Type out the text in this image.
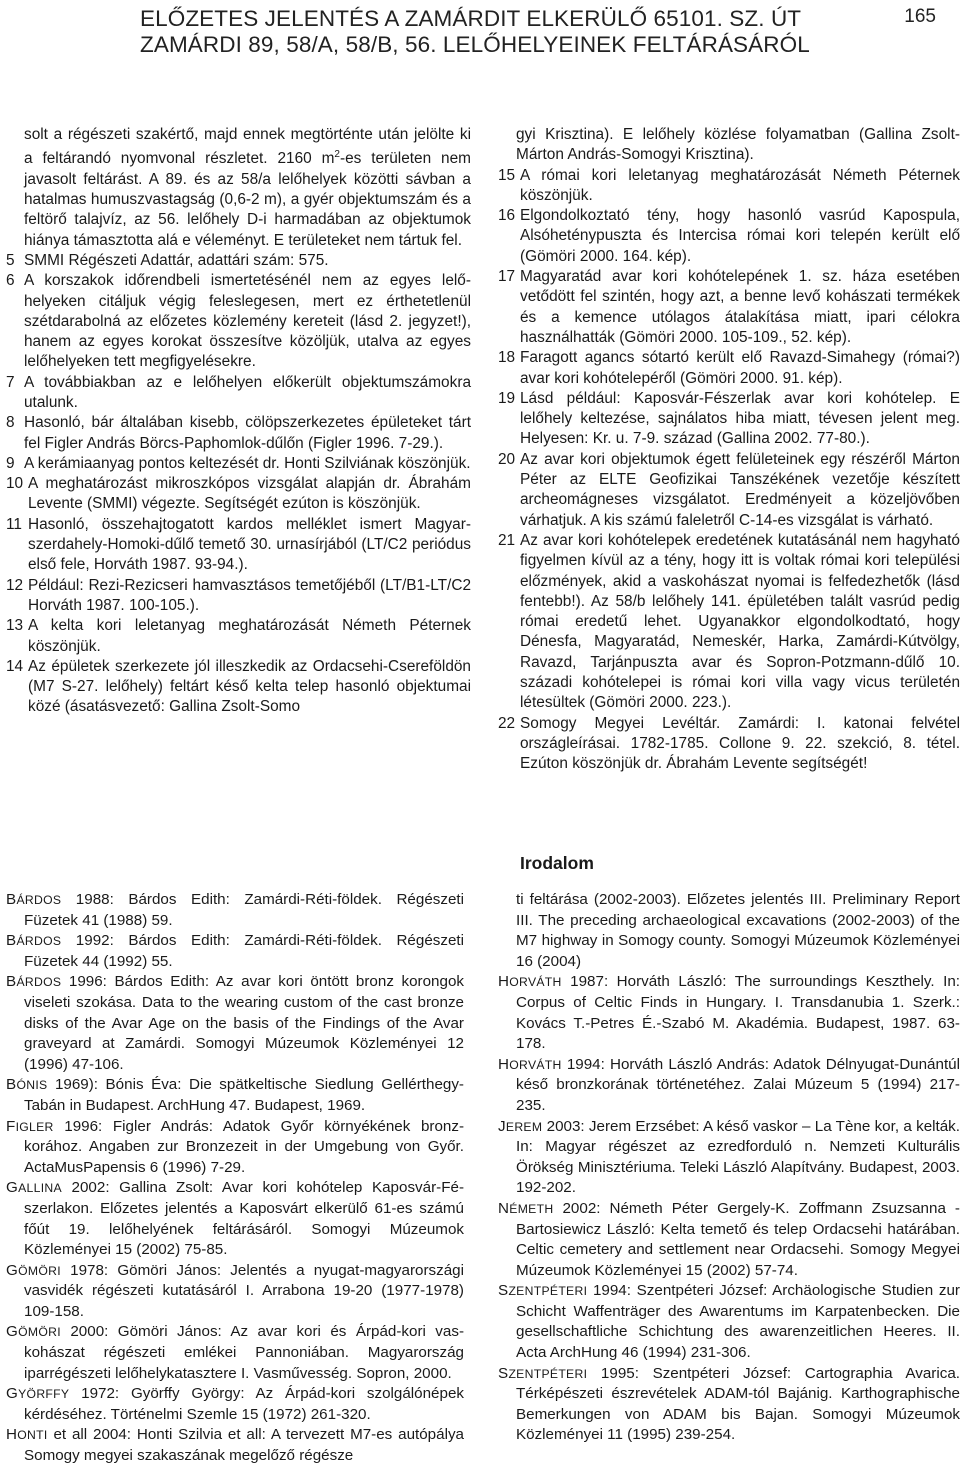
ELŐZETES JELENTÉS A ZAMÁRDIT ELKERÜLŐ 65101. SZ. ÚT
ZAMÁRDI 89, 58/A, 58/B, 56. LELŐHELYEINEK FELTÁRÁSÁRÓL
165
solt a régészeti szakértő, majd ennek megtörténte után jelölte ki a feltárandó nyomvonal részletet. 2160 $m^2-es$ területen nem javasolt feltárást. A 89. és az 58/a lelőhelyek közötti sávban a hatalmas humuszvastagság (0,6-2 m), a gyér objektumszám és a feltörő talajvíz, az 56. lelőhely D-i harmadában az objektumok hiánya támasztotta alá e véleményt. E területeket nem tártuk fel.
5 SMMI Régészeti Adattár, adattári szám: 575.
6 A korszakok időrendbeli ismertetésénél nem az egyes lelőhelyeken citáljuk végig feleslegesen, mert ez érthetetlenül szétdarabolná az előzetes közlemény kereteit (lásd 2. jegyzet!), hanem az egyes korokat összesítve közöljük, utalva az egyes lelőhelyeken tett megfigyelésekre.
7 A továbbiakban az e lelőhelyen előkerült objektumszámokra utalunk.
8 Hasonló, bár általában kisebb, cölöpszerkezetes épületeket tárt fel Figler András Börcs-Paphomlok-dűlőn (Figler 1996. 7-29.).
9 A kerámiaanyag pontos keltezését dr. Honti Szilviának köszönjük.
10 A meghatározást mikroszkópos vizsgálat alapján dr. Ábrahám Levente (SMMI) végezte. Segítségét ezúton is köszönjük.
11 Hasonló, összehajtogatott kardos melléklet ismert Magyarszerdahely-Homoki-dűlő temető 30. urnasírjából (LT/C2 periódus első fele, Horváth 1987. 93-94.).
12 Például: Rezi-Rezicseri hamvasztásos temetőjéből (LT/B1-LT/C2 Horváth 1987. 100-105.).
13 A kelta kori leletanyag meghatározását Németh Péternek köszönjük.
14 Az épületek szerkezete jól illeszkedik az Ordacsehi-Csereföldön (M7 S-27. lelőhely) feltárt késő kelta telep hasonló objektumai közé (ásatásvezető: Gallina Zsolt-Somo
gyi Krisztina). E lelőhely közlése folyamatban (Gallina Zsolt-Márton András-Somogyi Krisztina).
15 A római kori leletanyag meghatározását Németh Péternek köszönjük.
16 Elgondolkoztató tény, hogy hasonló vasrúd Kapospula, Alsóheténypuszta és Intercisa római kori telepén került elő (Gömöri 2000. 164. kép).
17 Magyaratád avar kori kohótelepének 1. sz. háza esetében vetődött fel szintén, hogy azt, a benne levő kohászati termékek és a kemence utólagos átalakítása miatt, ipari célokra használhatták (Gömöri 2000. 105-109., 52. kép).
18 Faragott agancs sótartó került elő Ravazd-Simahegy (római?) avar kori kohótelepéről (Gömöri 2000. 91. kép).
19 Lásd például: Kaposvár-Fészerlak avar kori kohótelep. E lelőhely keltezése, sajnálatos hiba miatt, tévesen jelent meg. Helyesen: Kr. u. 7-9. század (Gallina 2002. 77-80.).
20 Az avar kori objektumok égett felületeinek egy részéről Márton Péter az ELTE Geofizikai Tanszékének vezetője készített archeomágneses vizsgálatot. Eredményeit a közeljövőben várhatjuk. A kis számú faleletről C-14-es vizsgálat is várható.
21 Az avar kori kohótelepek eredetének kutatásánál nem hagyható figyelmen kívül az a tény, hogy itt is voltak római kori települési előzmények, akid a vaskohászat nyomai is felfedezhetők (lásd fentebb!). Az 58/b lelőhely 141. épületében talált vasrúd pedig római eredetű lehet. Ugyanakkor elgondolkodtató, hogy Dénesfa, Magyaratád, Nemeskér, Harka, Zamárdi-Kútvölgy, Ravazd, Tarjánpuszta avar és Sopron-Potzmann-dűlő 10. századi kohótelepei is római kori villa vagy vicus területén létesültek (Gömöri 2000. 223.).
22 Somogy Megyei Levéltár. Zamárdi: I. katonai felvétel országleírásai. 1782-1785. Collone 9. 22. szekció, 8. tétel. Ezúton köszönjük dr. Ábrahám Levente segítségét!
Irodalom
BÁRDOS 1988: Bárdos Edith: Zamárdi-Réti-földek. Régészeti Füzetek 41 (1988) 59.
BÁRDOS 1992: Bárdos Edith: Zamárdi-Réti-földek. Régészeti Füzetek 44 (1992) 55.
BÁRDOS 1996: Bárdos Edith: Az avar kori öntött bronz korongok viseleti szokása. Data to the wearing custom of the cast bronze disks of the Avar Age on the basis of the Findings of the Avar graveyard at Zamárdi. Somogyi Múzeumok Közleményei 12 (1996) 47-106.
BÓNIS 1969): Bónis Éva: Die spätkeltische Siedlung Gellérthegy-Tabán in Budapest. ArchHung 47. Budapest, 1969.
FIGLER 1996: Figler András: Adatok Győr környékének bronzkorához. Angaben zur Bronzezeit in der Umgebung von Győr. ActaMusPapensis 6 (1996) 7-29.
GALLINA 2002: Gallina Zsolt: Avar kori kohótelep Kaposvár-Fészerlakon. Előzetes jelentés a Kaposvárt elkerülő 61-es számú főút 19. lelőhelyének feltárásáról. Somogyi Múzeumok Közleményei 15 (2002) 75-85.
GÖMÖRI 1978: Gömöri János: Jelentés a nyugat-magyarországi vasvidék régészeti kutatásáról I. Arrabona 19-20 (1977-1978) 109-158.
GÖMÖRI 2000: Gömöri János: Az avar kori és Árpád-kori vaskohászat régészeti emlékei Pannoniában. Magyarország iparrégészeti lelőhelykatasztere I. Vasművesség. Sopron, 2000.
GYÖRFFY 1972: Györffy György: Az Árpád-kori szolgálónépek kérdéséhez. Történelmi Szemle 15 (1972) 261-320.
HONTI et all 2004: Honti Szilvia et all: A tervezett M7-es autópálya Somogy megyei szakaszának megelőző régésze
ti feltárása (2002-2003). Előzetes jelentés III. Preliminary Report III. The preceding archaeological excavations (2002-2003) of the M7 highway in Somogy county. Somogyi Múzeumok Közleményei 16 (2004)
HORVÁTH 1987: Horváth László: The surroundings Keszthely. In: Corpus of Celtic Finds in Hungary. I. Transdanubia 1. Szerk.: Kovács T.-Petres É.-Szabó M. Akadémia. Budapest, 1987. 63-178.
HORVÁTH 1994: Horváth László András: Adatok Délnyugat-Dunántúl késő bronzkorának történetéhez. Zalai Múzeum 5 (1994) 217-235.
JEREM 2003: Jerem Erzsébet: A késő vaskor – La Tène kor, a kelták. In: Magyar régészet az ezredforduló n. Nemzeti Kulturális Örökség Minisztériuma. Teleki László Alapítvány. Budapest, 2003. 192-202.
NÉMETH 2002: Németh Péter Gergely-K. Zoffmann Zsuzsanna -Bartosiewicz László: Kelta temető és telep Ordacsehi határában. Celtic cemetery and settlement near Ordacsehi. Somogy Megyei Múzeumok Közleményei 15 (2002) 57-74.
SZENTPÉTERI 1994: Szentpéteri József: Archäologische Studien zur Schicht Waffenträger des Awarentums im Karpatenbecken. Die gesellschaftliche Schichtung des awarenzeitlichen Heeres. II. Acta ArchHung 46 (1994) 231-306.
SZENTPÉTERI 1995: Szentpéteri József: Cartographia Avarica. Térképészeti észrevételek ADAM-tól Bajánig. Karthographische Bemerkungen von ADAM bis Bajan. Somogyi Múzeumok Közleményei 11 (1995) 239-254.
